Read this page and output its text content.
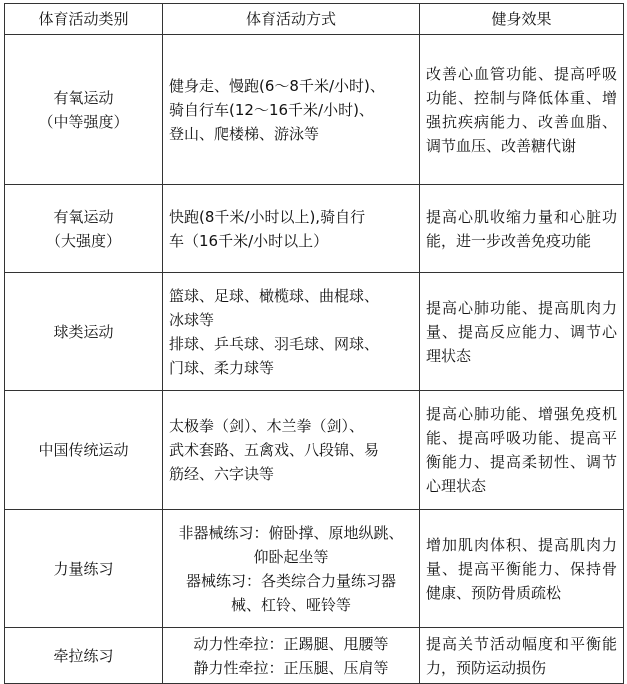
体育活动类别	体育活动方式	健身效果

有氧运动
（中等强度）	健身走、慢跑(6～8千米/小时)、
骑自行车(12～16千米/小时)、
登山、爬楼梯、游泳等	改善心血管功能、提高呼吸功能、控制与降低体重、增强抗疾病能力、改善血脂、调节血压、改善糖代谢

有氧运动
（大强度）	快跑(8千米/小时以上),骑自行
车（16千米/小时以上）	提高心肌收缩力量和心脏功能，进一步改善免疫功能

球类运动	篮球、足球、橄榄球、曲棍球、
冰球等
排球、乒乓球、羽毛球、网球、
门球、柔力球等	提高心肺功能、提高肌肉力量、提高反应能力、调节心理状态

中国传统运动	太极拳（剑）、木兰拳（剑）、
武术套路、五禽戏、八段锦、易
筋经、六字诀等	提高心肺功能、增强免疫机能、提高呼吸功能、提高平衡能力、提高柔韧性、调节心理状态

力量练习	非器械练习：俯卧撑、原地纵跳、
仰卧起坐等
器械练习：各类综合力量练习器
械、杠铃、哑铃等	增加肌肉体积、提高肌肉力量、提高平衡能力、保持骨健康、预防骨质疏松

牵拉练习	动力性牵拉：正踢腿、甩腰等
静力性牵拉：正压腿、压肩等	提高关节活动幅度和平衡能力，预防运动损伤
